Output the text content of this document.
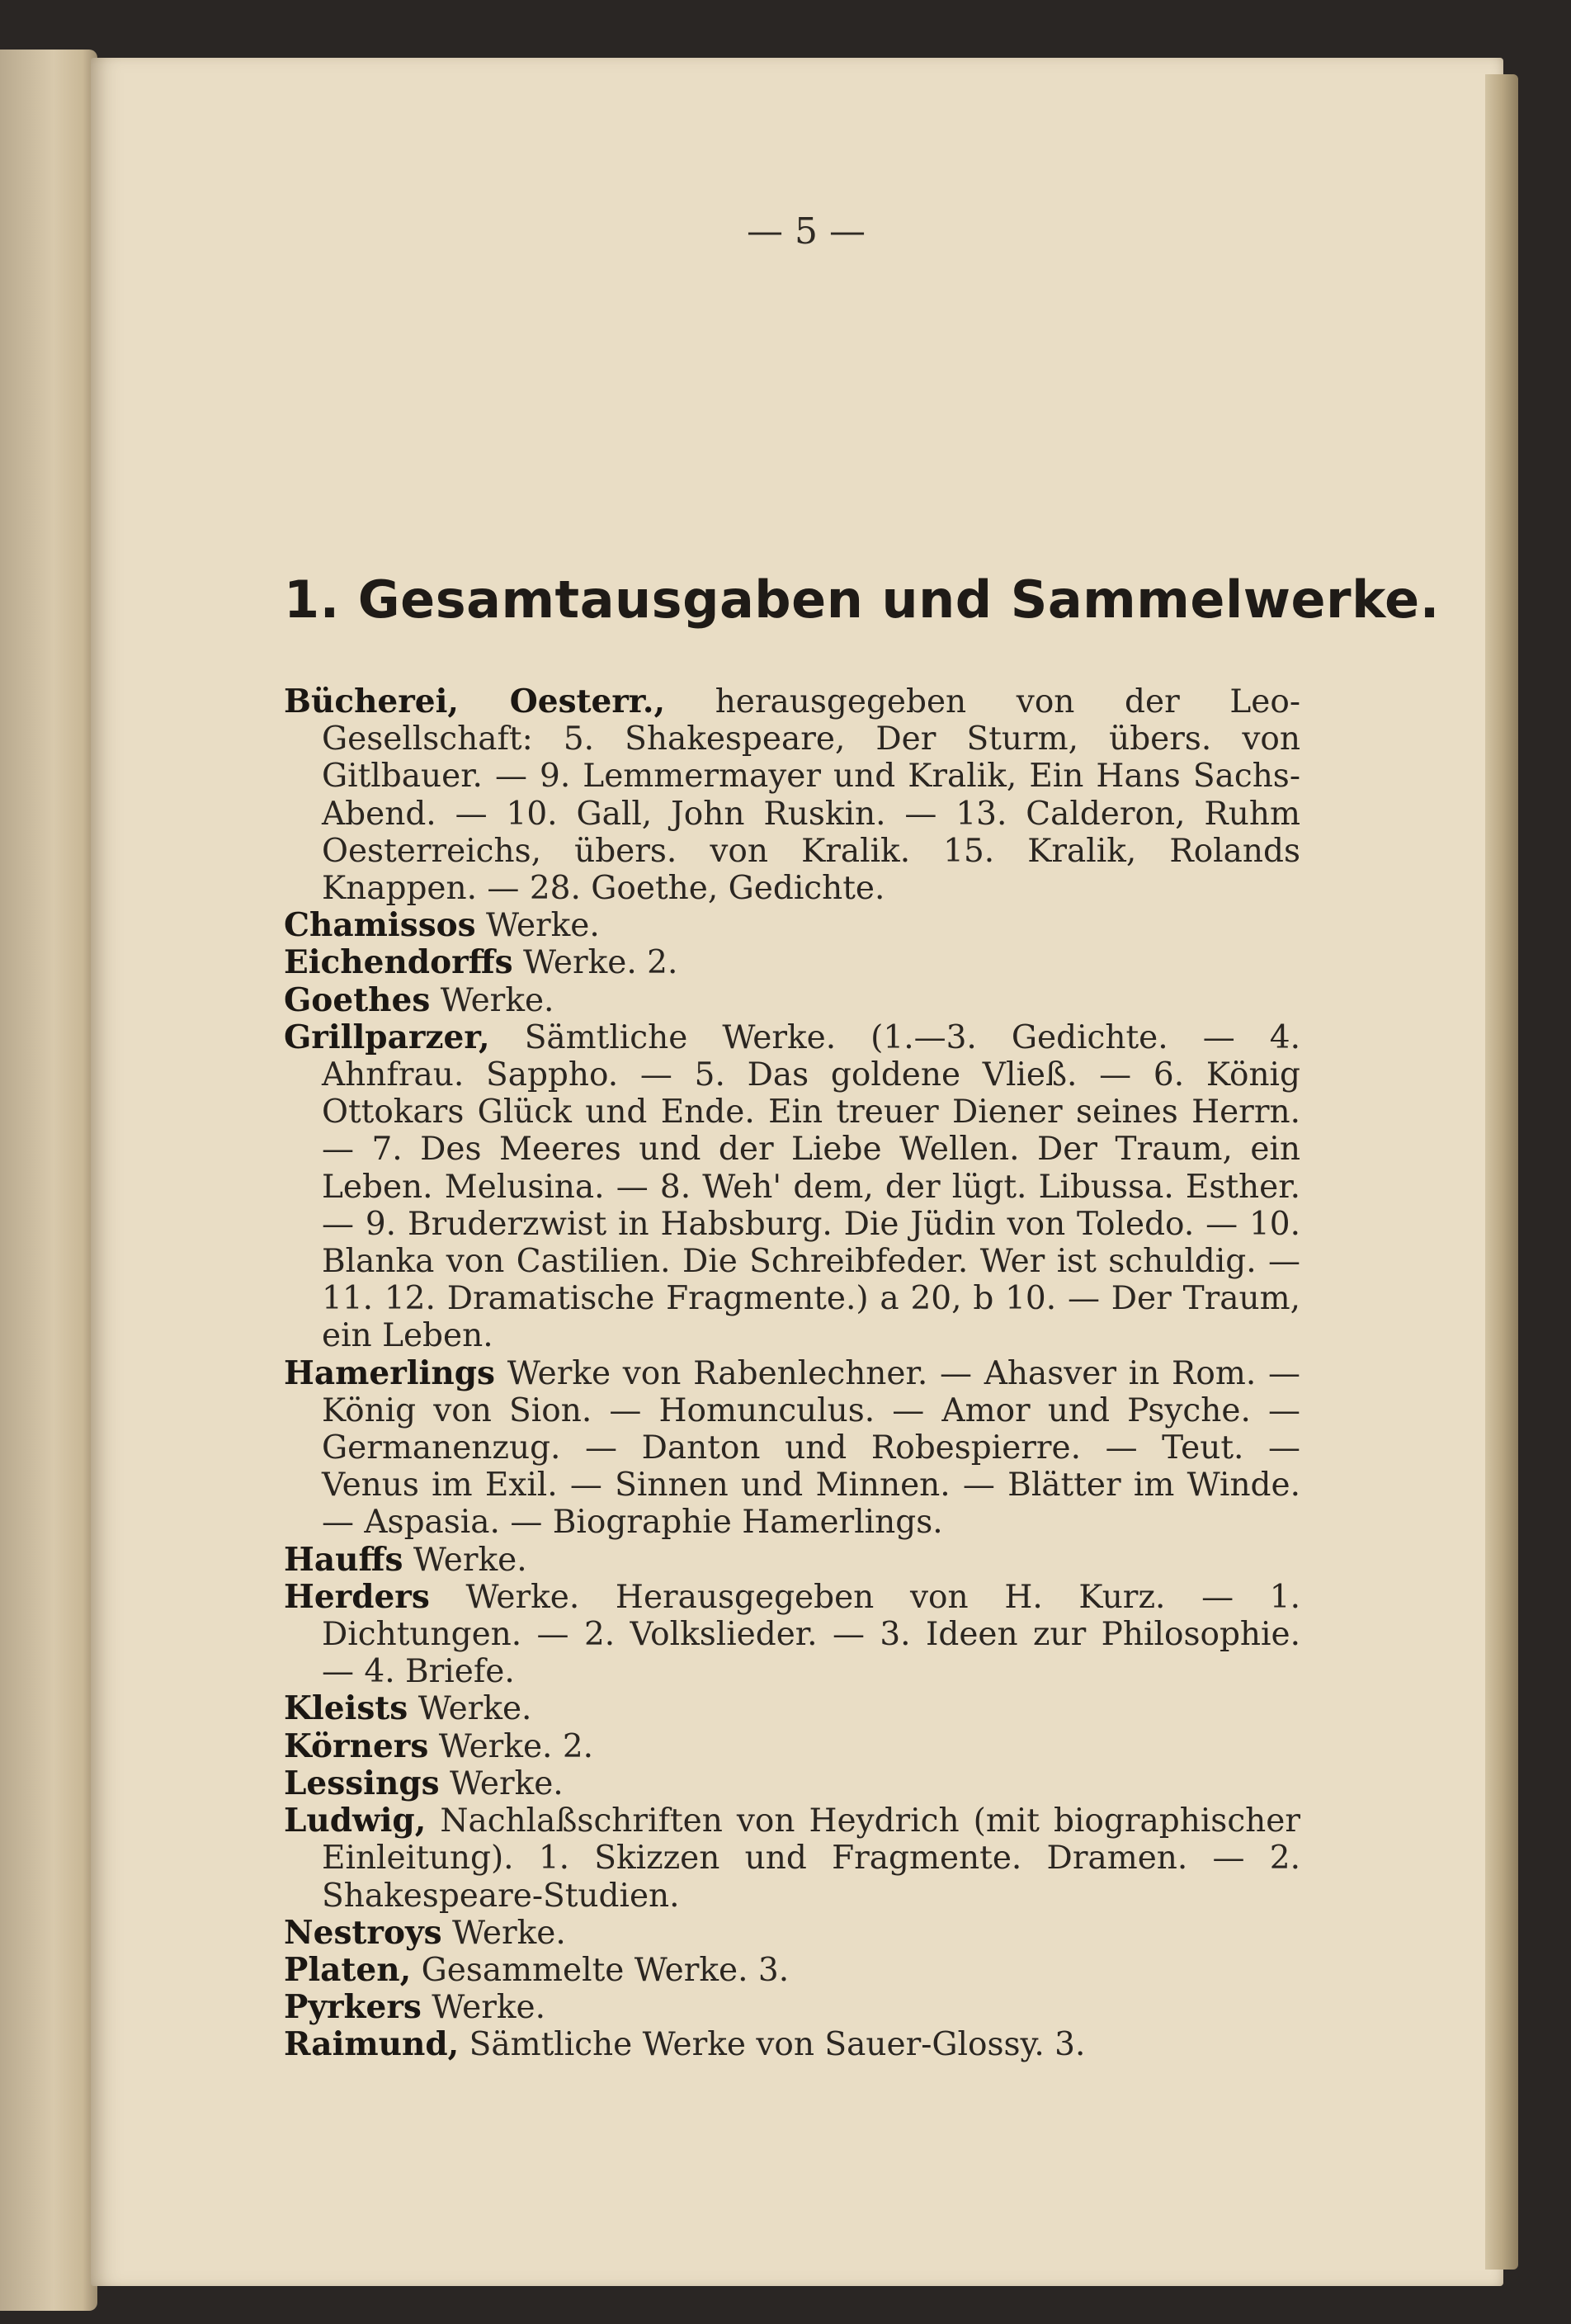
— 5 —
1. Gesamtausgaben und Sammelwerke.

Bücherei, Oesterr., herausgegeben von der Leo-Gesellschaft: 5. Shakespeare, Der Sturm, übers. von Gitlbauer. — 9. Lemmermayer und Kralik, Ein Hans Sachs-Abend. — 10. Gall, John Ruskin. — 13. Calderon, Ruhm Oesterreichs, übers. von Kralik. 15. Kralik, Rolands Knappen. — 28. Goethe, Gedichte.

Chamissos Werke.

Eichendorffs Werke. 2.

Goethes Werke.

Grillparzer, Sämtliche Werke. (1.—3. Gedichte. — 4. Ahnfrau. Sappho. — 5. Das goldene Vließ. — 6. König Ottokars Glück und Ende. Ein treuer Diener seines Herrn. — 7. Des Meeres und der Liebe Wellen. Der Traum, ein Leben. Melusina. — 8. Weh' dem, der lügt. Libussa. Esther. — 9. Bruderzwist in Habsburg. Die Jüdin von Toledo. — 10. Blanka von Castilien. Die Schreibfeder. Wer ist schuldig. — 11. 12. Dramatische Fragmente.) a 20, b 10. — Der Traum, ein Leben.

Hamerlings Werke von Rabenlechner. — Ahasver in Rom. — König von Sion. — Homunculus. — Amor und Psyche. — Germanenzug. — Danton und Robespierre. — Teut. — Venus im Exil. — Sinnen und Minnen. — Blätter im Winde. — Aspasia. — Biographie Hamerlings.

Hauffs Werke.

Herders Werke. Herausgegeben von H. Kurz. — 1. Dichtungen. — 2. Volkslieder. — 3. Ideen zur Philosophie. — 4. Briefe.

Kleists Werke.

Körners Werke. 2.

Lessings Werke.

Ludwig, Nachlaßschriften von Heydrich (mit biographischer Einleitung). 1. Skizzen und Fragmente. Dramen. — 2. Shakespeare-Studien.

Nestroys Werke.

Platen, Gesammelte Werke. 3.

Pyrkers Werke.

Raimund, Sämtliche Werke von Sauer-Glossy. 3.
